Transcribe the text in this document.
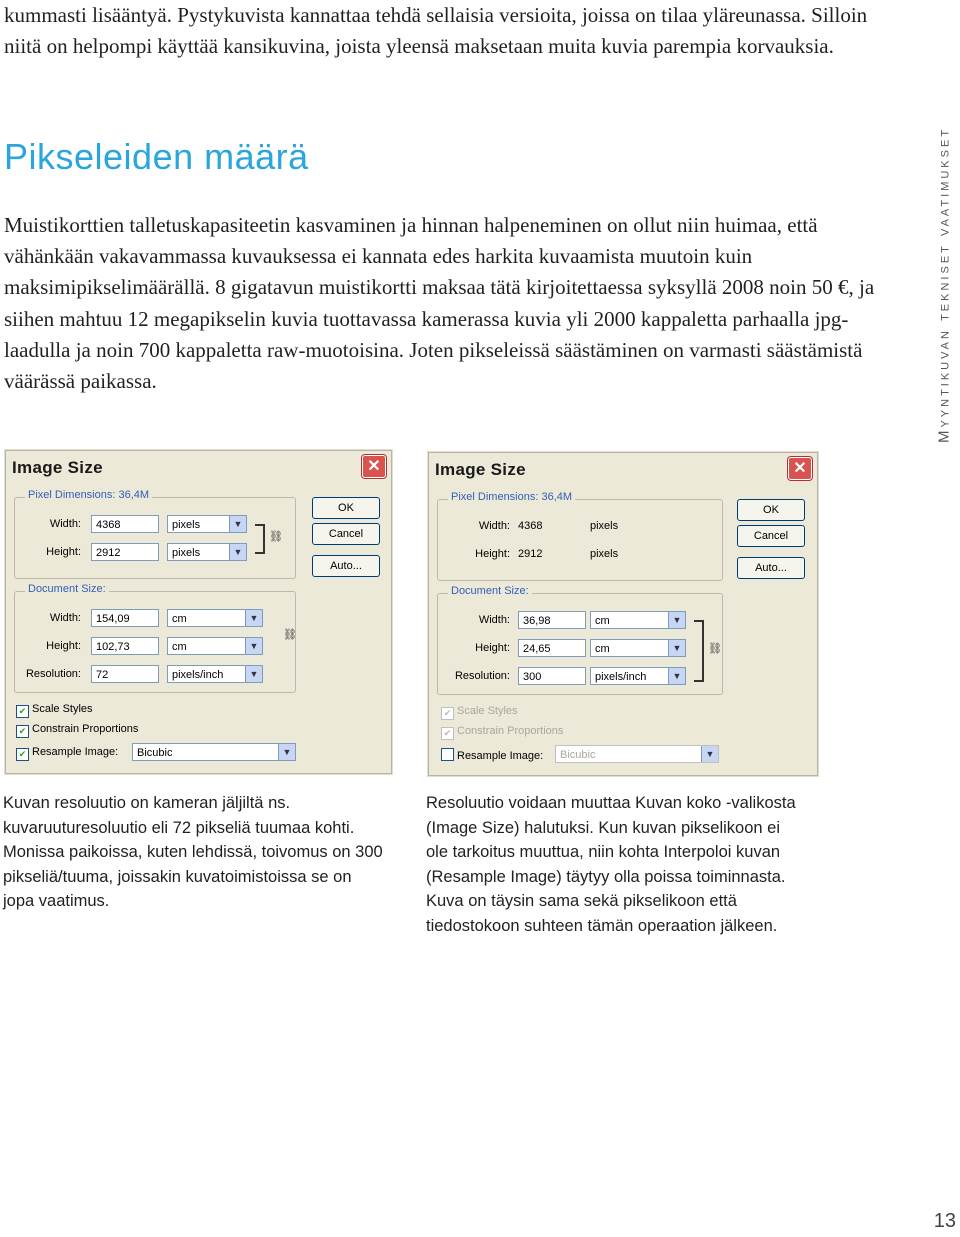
kummasti lisääntyä. Pystykuvista kannattaa tehdä sellaisia versioita, joissa on tilaa yläreunassa. Silloin niitä on helpompi käyttää kansikuvina, joista yleensä maksetaan muita kuvia parempia korvauksia.
Pikseleiden määrä
Muistikorttien talletuskapasiteetin kasvaminen ja hinnan halpeneminen on ollut niin huimaa, että vähänkään vakavammassa kuvauksessa ei kannata edes harkita kuvaamista muutoin kuin maksimipikselimäärällä. 8 gigatavun muistikortti maksaa tätä kirjoitettaessa syksyllä 2008 noin 50 €, ja siihen mahtuu 12 megapikselin kuvia tuottavassa kamerassa kuvia yli 2000 kappaletta parhaalla jpg-laadulla ja noin 700 kappaletta raw-muotoisina. Joten pikseleissä säästäminen on varmasti säästämistä väärässä paikassa.	Myyntikuvan tekniset vaatimukset
Image Size	✕
Pixel Dimensions: 36,4M
Width:	4368	pixels	▼
Height:	2912	pixels	▼
⛓
Document Size:
Width:	154,09	cm	▼
Height:	102,73	cm	▼
Resolution:	72	pixels/inch	▼
⛓
OK
Cancel
Auto...
✔ Scale Styles
✔ Constrain Proportions
✔ Resample Image:	Bicubic	▼
Image Size	✕
Pixel Dimensions: 36,4M
Width: 4368	pixels
Height: 2912	pixels
Document Size:
Width:	36,98	cm	▼
Height:	24,65	cm	▼
Resolution:	300	pixels/inch	▼
⛓
OK
Cancel
Auto...
✔ Scale Styles
✔ Constrain Proportions
Resample Image:	Bicubic	▼
Kuvan resoluutio on kameran jäljiltä ns. kuvaruuturesoluutio eli 72 pikseliä tuumaa kohti. Monissa paikoissa, kuten lehdissä, toivomus on 300 pikseliä/tuuma, joissakin kuvatoimistoissa se on jopa vaatimus.
Resoluutio voidaan muuttaa Kuvan koko -valikosta (Image Size) halutuksi. Kun kuvan pikselikoon ei ole tarkoitus muuttua, niin kohta Interpoloi kuvan (Resample Image) täytyy olla poissa toiminnasta. Kuva on täysin sama sekä pikselikoon että tiedostokoon suhteen tämän operaation jälkeen.
13
